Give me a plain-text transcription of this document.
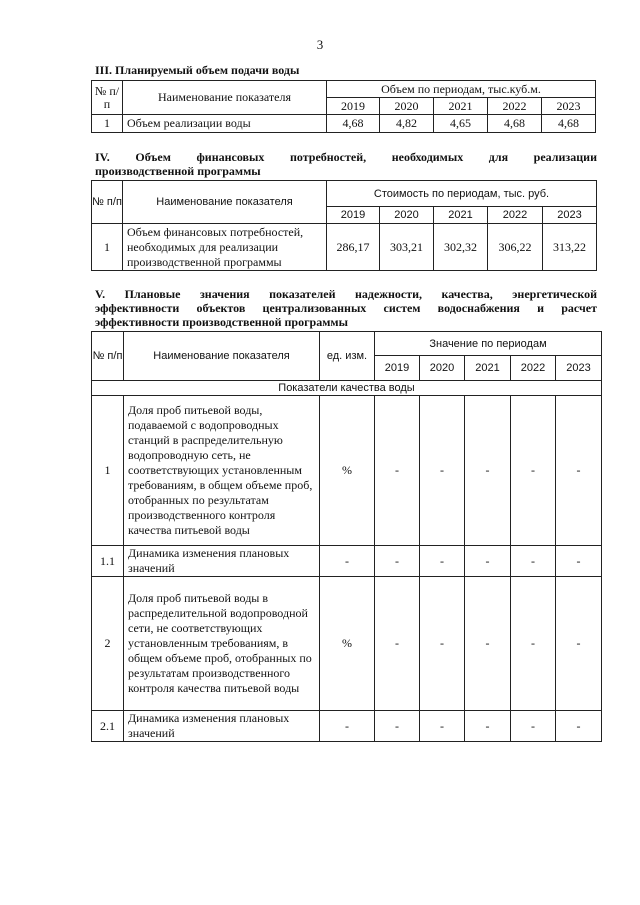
3
III. Планируемый объем подачи воды
№ п/п	Наименование показателя	Объем по периодам, тыс.куб.м.				
		2019	2020	2021	2022	2023
1	Объем реализации воды	4,68	4,82	4,65	4,68	4,68
IV. Объем финансовых потребностей, необходимых для реализации
производственной программы
№ п/п	Наименование показателя	Стоимость по периодам, тыс. руб.				
		2019	2020	2021	2022	2023
1	Объем финансовых потребностей, необходимых для реализации производственной программы	286,17	303,21	302,32	306,22	313,22
V. Плановые значения показателей надежности, качества, энергетической
эффективности объектов централизованных систем водоснабжения и расчет
эффективности производственной программы
№ п/п	Наименование показателя	ед. изм.	Значение по периодам				
			2019	2020	2021	2022	2023
Показатели качества воды							
1	Доля проб питьевой воды, подаваемой с водопроводных станций в распределительную водопроводную сеть, не соответствующих установленным требованиям, в общем объеме проб, отобранных по результатам производственного контроля качества питьевой воды	%	-	-	-	-	-
1.1	Динамика изменения плановых значений	-	-	-	-	-	-
2	Доля проб питьевой воды в распределительной водопроводной сети, не соответствующих установленным требованиям, в общем объеме проб, отобранных по результатам производственного контроля качества питьевой воды	%	-	-	-	-	-
2.1	Динамика изменения плановых значений	-	-	-	-	-	-
